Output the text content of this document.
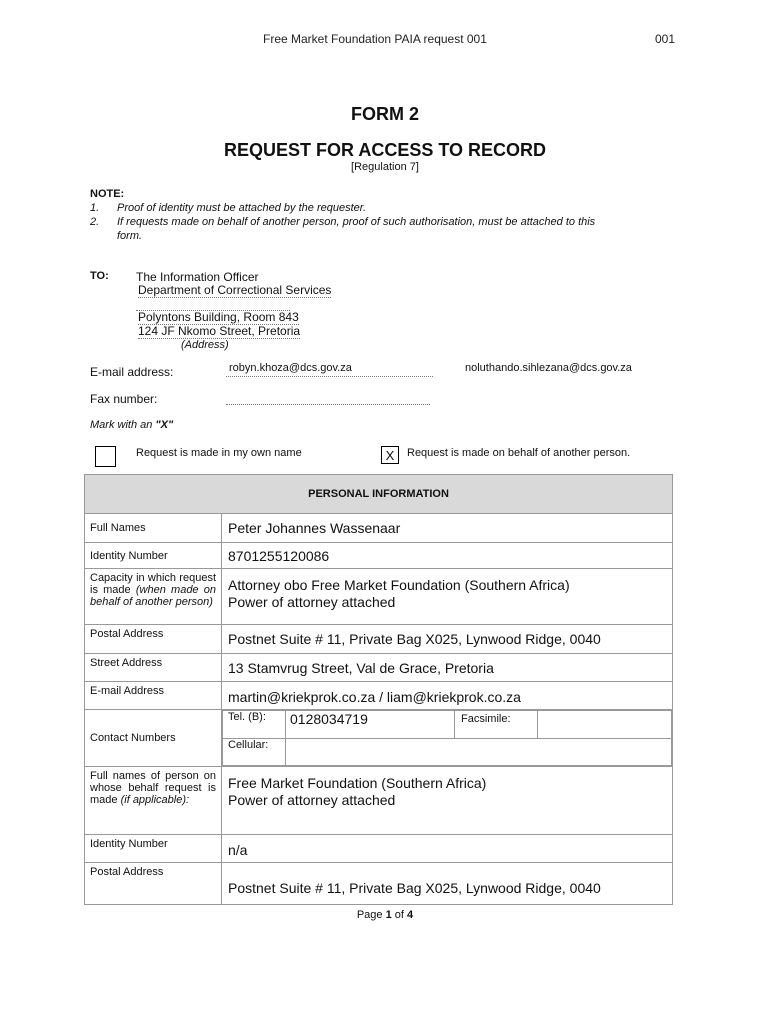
Free Market Foundation PAIA request 001	001
FORM 2
REQUEST FOR ACCESS TO RECORD
[Regulation 7]
NOTE:
1. Proof of identity must be attached by the requester.
2. If requests made on behalf of another person, proof of such authorisation, must be attached to this
form.
TO: The Information Officer
Department of Correctional Services
Polyntons Building, Room 843
124 JF Nkomo Street, Pretoria
(Address)
E-mail address:	robyn.khoza@dcs.gov.za	noluthando.sihlezana@dcs.gov.za
Fax number:
Mark with an "X"
Request is made in my own name	X	Request is made on behalf of another person.
PERSONAL INFORMATION
Full Names	Peter Johannes Wassenaar
Identity Number	8701255120086
Capacity in which request is made (when made on behalf of another person)	
Attorney obo Free Market Foundation (Southern Africa)
Power of attorney attached

Postal Address	Postnet Suite # 11, Private Bag X025, Lynwood Ridge, 0040
Street Address	13 Stamvrug Street, Val de Grace, Pretoria
E-mail Address	martin@kriekprok.co.za / liam@kriekprok.co.za
Contact Numbers	
Tel. (B):	0128034719	Facsimile:	
Cellular:	

Full names of person on whose behalf request is made (if applicable):	
Free Market Foundation (Southern Africa)
Power of attorney attached

Identity Number	n/a
Postal Address	Postnet Suite # 11, Private Bag X025, Lynwood Ridge, 0040
Page 1 of 4
